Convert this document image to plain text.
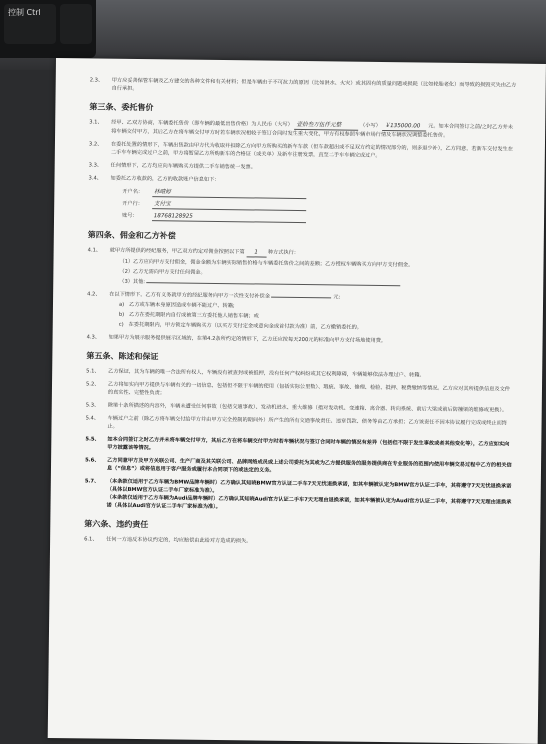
控制 Ctrl
2.3、 甲方应妥善保管车辆及乙方建交的各种文件和有关材料；但是车辆由于不可抗力的原因（比如洪水、火灾）或其固有的质量问题或损耗（比如轮胎老化）而导致的损毁灭失由乙方自行承担。
第三条、委托售价
3.1、 经甲、乙双方协商，车辆委托售价（即车辆的最低出售价格）为人民币（大写） 壹拾叁万伍仟元整	（小写） ￥135000.00 元。如本合同签订之前/之时乙方并未将车辆交付甲方，其后乙方在将车辆交付甲方时若车辆状况相较于签订合同时发生重大变化，甲方有权参照车辆市场行情及车辆状况调整委托售价。
3.2、 在委托处置的情形下，车辆出售款由甲方代为收取并扣除乙方向甲方所购买的新车车款（但车款超出或不足双方约定的情况部分的，则多退少补），乙方同意，若新车交付发生在二手车车辆完成过户之前，甲方将暂留乙方所购新车的合格证（或关单）及新车注册发票，直至二手车车辆完成过户。
3.3、 任何情形下，乙方均应向车辆购买方提供二手车销售统一发票。
3.4、 如委托乙方收款的，乙方的收款账户信息如下：
开户名： 林晴婷
开户行： 支付宝
账号：	18768128925
第四条、佣金和乙方补偿
4.1、 就甲方所提供的经纪服务，甲乙双方约定对佣金按照以下第 1 种方式执行：
（1）乙方应向甲方支付佣金，佣金金额为车辆实际销售价格与车辆委托售价之间的差额；乙方授权车辆购买方向甲方支付佣金。
（2）乙方无需向甲方支付任何佣金。
（3）其他:
4.2、 在以下情形下，乙方有义务就甲方的经纪服务向甲方一次性支付补偿金	元:
a) 乙方或车辆本身原因造成车辆不能过户、转籍;
b) 乙方在委托期限内自行或被第三方委托他人销售车辆；或
c) 在委托期限内，甲方锁定车辆购买方（以买方支付定金或意向金或首付款为准）前，乙方撤销委托的。
4.3、 如果甲方为展示服务提供展示区域的，在第4.2条所约定的情形下，乙方还应按每天200元的标准向甲方支付场地使用费。
第五条、陈述和保证
5.1、 乙方保证，其为车辆的唯一合法所有权人，车辆没有被查封或被抵押，没有任何产权纠纷或其它权利障碍，车辆能够依法办理过户、转籍。
5.2、 乙方将如实向甲方提供与车辆有关的一切信息，包括但不限于车辆的使用（包括实际公里数）、瑕疵、事故、修理、检验、抵押、税费缴纳等情况。乙方应对其所提供信息及文件的真实性、完整性负责；
5.3、 除第十条所描述的内容外，车辆未遭受任何事故（包括交通事故）、发动机进水、重大维修（指对发动机、变速箱、离合器、转向系统、前后大梁或前后防撞梁的维修或更换）。
5.4、 车辆过户之前（除乙方将车辆交付给甲方并由甲方完全控制的期间外）所产生的所有交通事故责任、违章罚款、债务等由乙方承担；乙方该责任不因本协议履行完成或终止而终止。
5.5、 如本合同签订之时乙方并未将车辆交付甲方，其后乙方在将车辆交付甲方时若车辆状况与签订合同时车辆的情况有差异（包括但不限于发生事故或者其他变化等），乙方应如实向甲方披露该等情况。
5.6、 乙方同意甲方及甲方关联公司、生产厂商及其关联公司、品牌网络成员或上述公司委托为其或为乙方提供服务的服务提供商在专业服务的范围内使用车辆交易过程中乙方的相关信息（“信息”）或将信息用于客户服务或履行本合同项下的或法定的义务。
5.7、 （本条款仅适用于乙方车辆为BMW品牌车辆时）乙方确认其知晓BMW官方认证二手车7天无忧退换承诺，如其车辆被认定为BMW官方认证二手车，其将遵守7天无忧退换承诺（具体以BMW官方认证二手车厂家标准为准）。
（本条款仅适用于乙方车辆为Audi品牌车辆时）乙方确认其知晓Audi官方认证二手车7天无理由退换承诺，如其车辆被认定为Audi官方认证二手车，其将遵守7天无理由退换承诺（具体以Audi官方认证二手车厂家标准为准）。
第六条、违约责任
6.1、 任何一方违反本协议约定的，均应赔偿由此给对方造成的损失。
